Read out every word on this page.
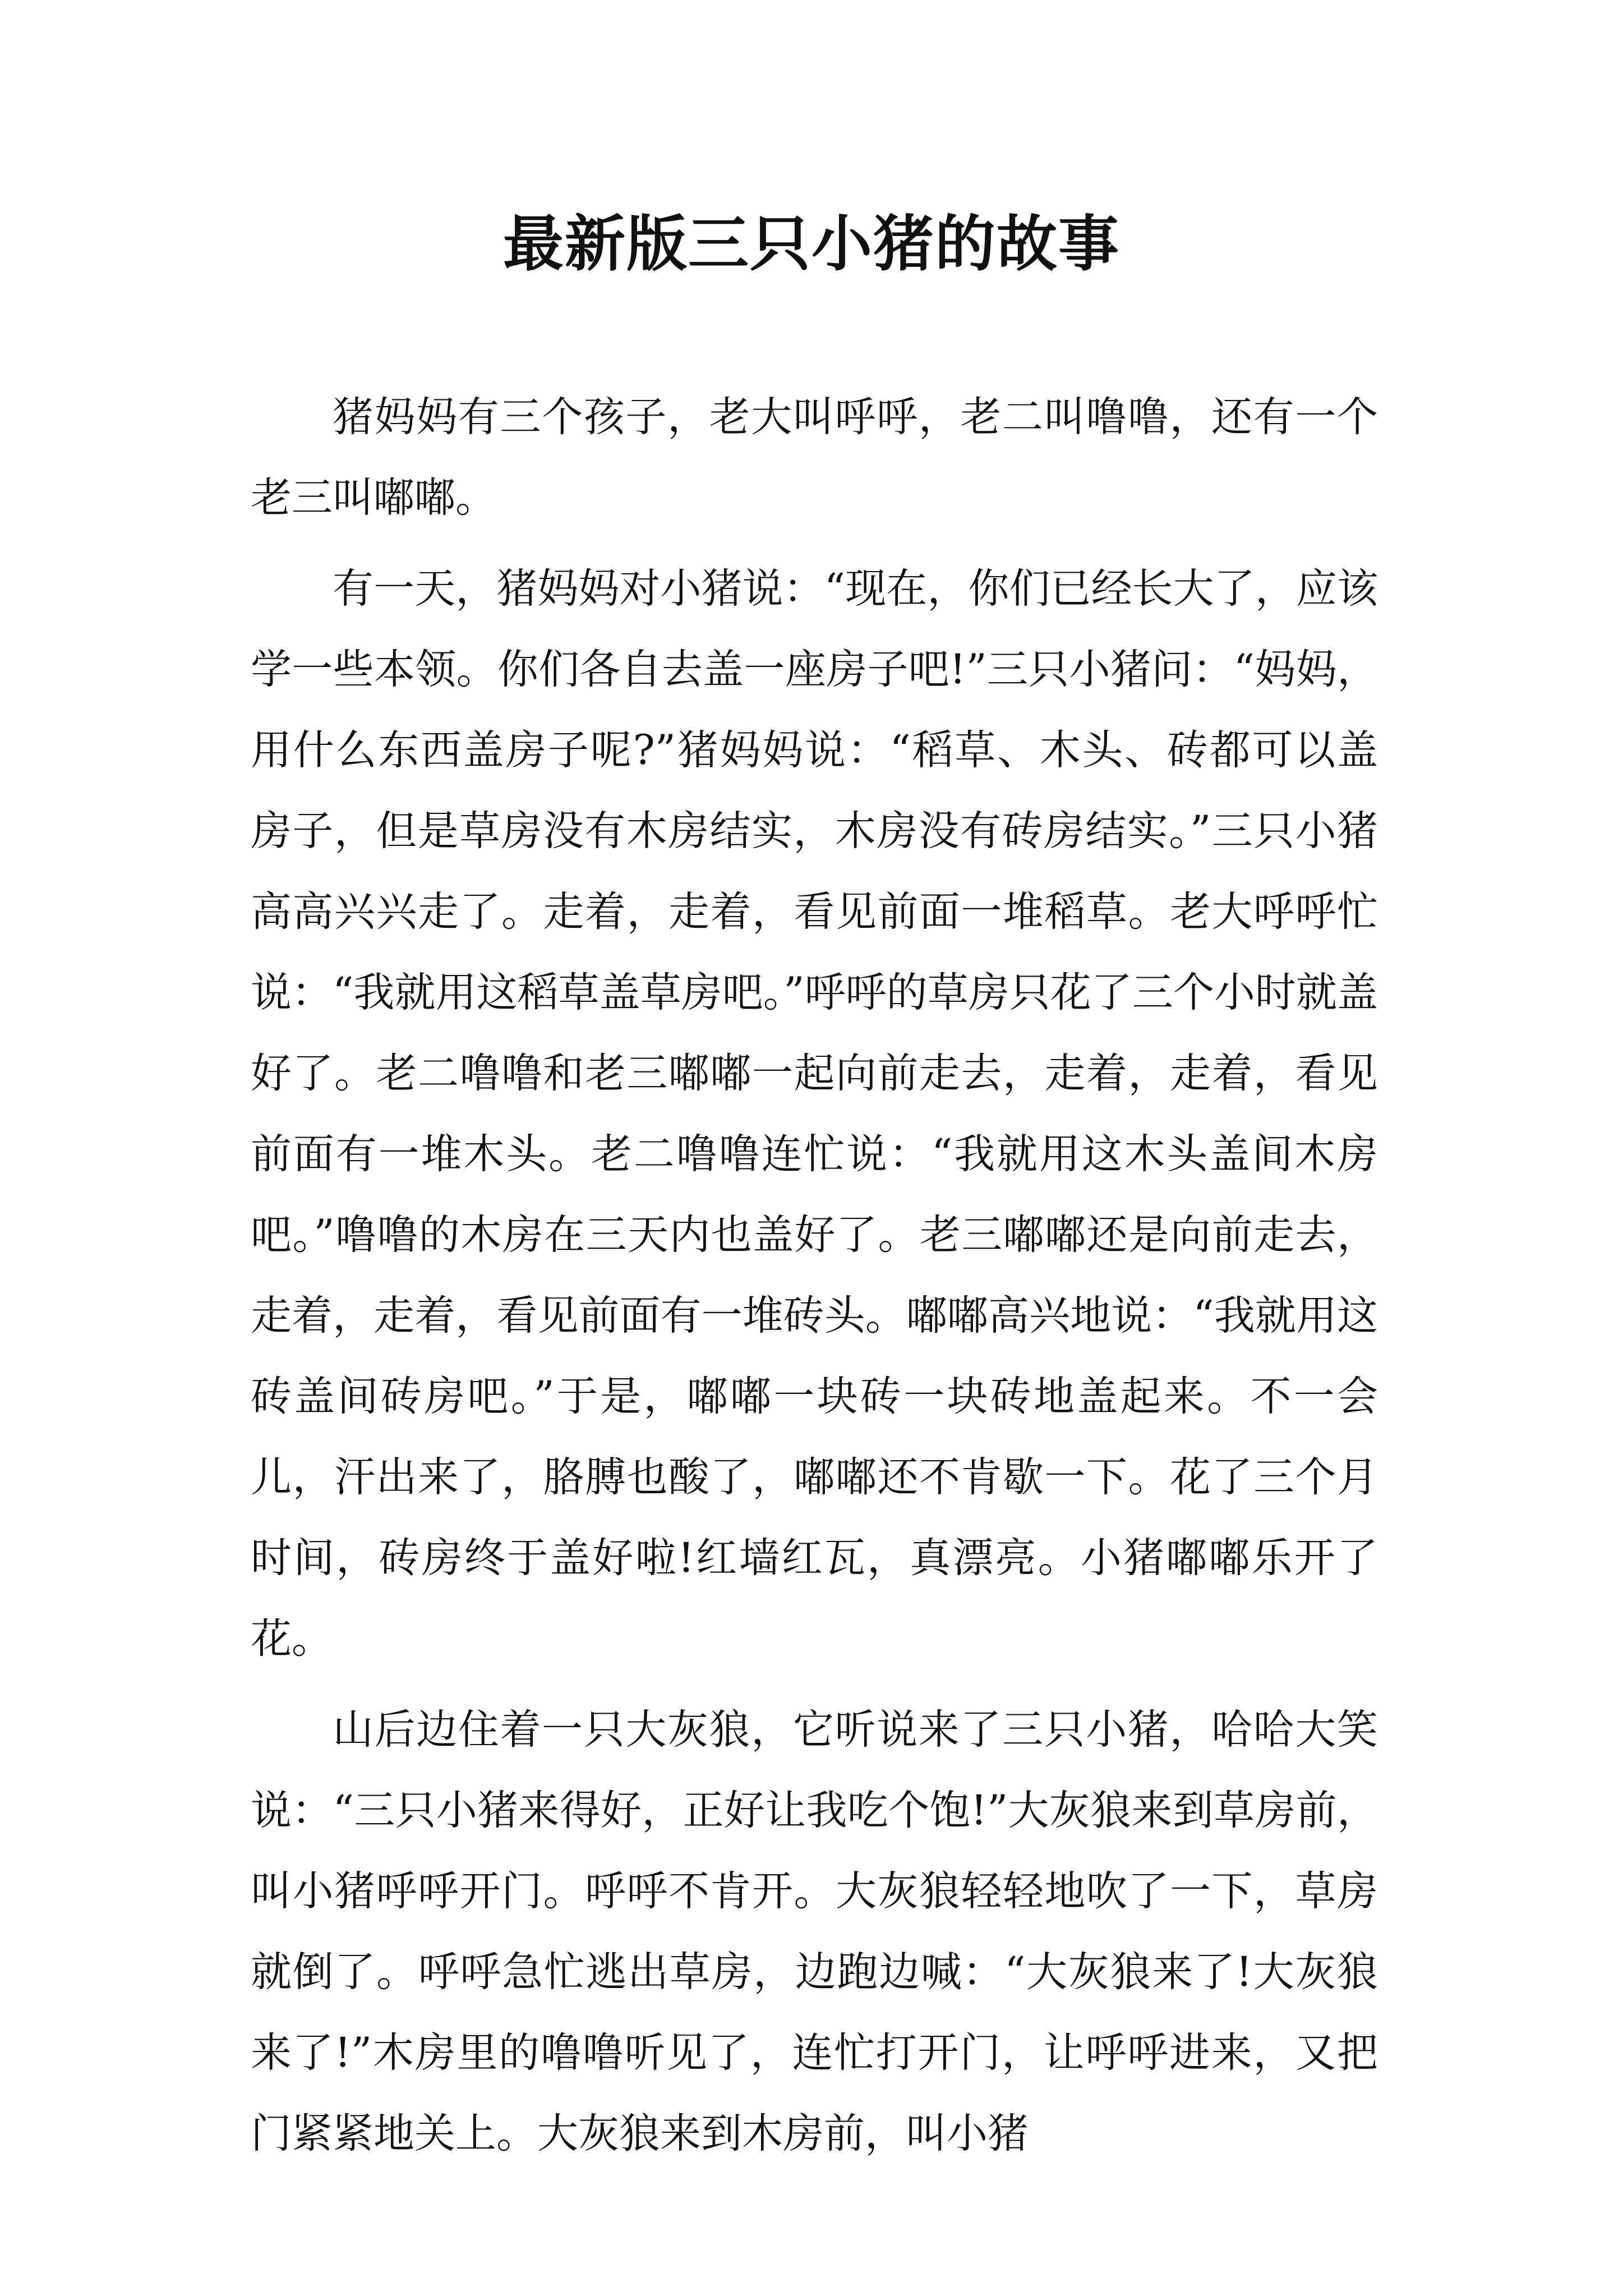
最新版三只小猪的故事

猪妈妈有三个孩子，老大叫呼呼，老二叫噜噜，还有一个老三叫嘟嘟。

有一天，猪妈妈对小猪说：“现在，你们已经长大了，应该学一些本领。你们各自去盖一座房子吧!”三只小猪问：“妈妈，用什么东西盖房子呢?”猪妈妈说：“稻草、木头、砖都可以盖房子，但是草房没有木房结实，木房没有砖房结实。”三只小猪高高兴兴走了。走着，走着，看见前面一堆稻草。老大呼呼忙说：“我就用这稻草盖草房吧。”呼呼的草房只花了三个小时就盖好了。老二噜噜和老三嘟嘟一起向前走去，走着，走着，看见前面有一堆木头。老二噜噜连忙说：“我就用这木头盖间木房吧。”噜噜的木房在三天内也盖好了。老三嘟嘟还是向前走去，走着，走着，看见前面有一堆砖头。嘟嘟高兴地说：“我就用这砖盖间砖房吧。”于是，嘟嘟一块砖一块砖地盖起来。不一会儿，汗出来了，胳膊也酸了，嘟嘟还不肯歇一下。花了三个月时间，砖房终于盖好啦!红墙红瓦，真漂亮。小猪嘟嘟乐开了花。

山后边住着一只大灰狼，它听说来了三只小猪，哈哈大笑说：“三只小猪来得好，正好让我吃个饱!”大灰狼来到草房前，叫小猪呼呼开门。呼呼不肯开。大灰狼轻轻地吹了一下，草房就倒了。呼呼急忙逃出草房，边跑边喊：“大灰狼来了!大灰狼来了!”木房里的噜噜听见了，连忙打开门，让呼呼进来，又把门紧紧地关上。大灰狼来到木房前，叫小猪
